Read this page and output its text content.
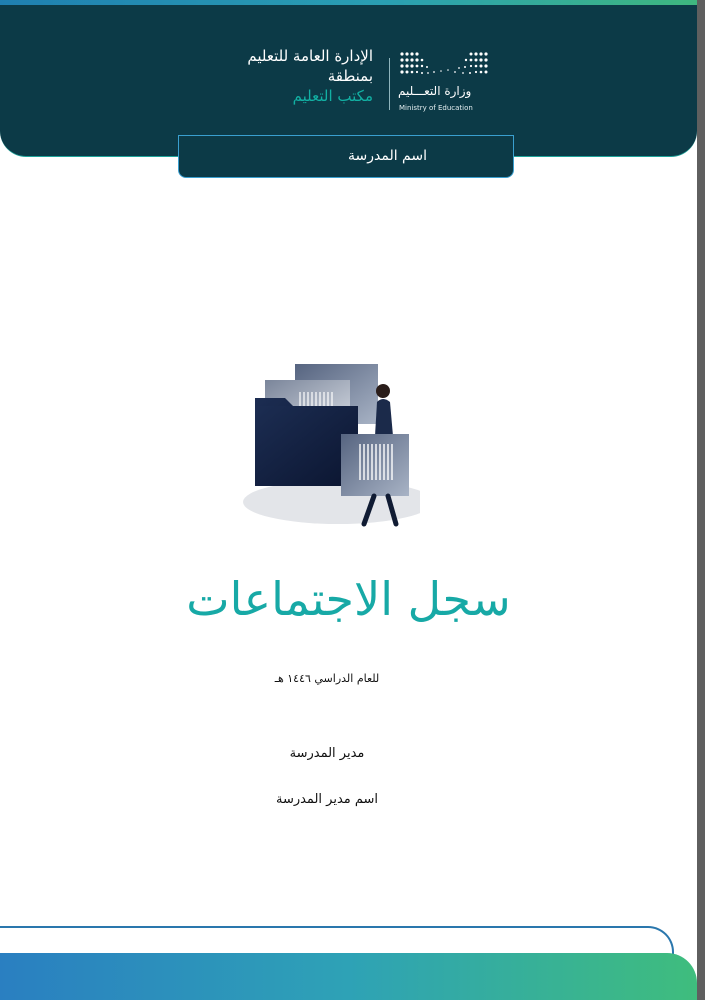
الإدارة العامة للتعليم
بمنطقة
مكتب التعليم وزارة التعـــليم
Ministry of Education
اسم المدرسة
سجل الاجتماعات
للعام الدراسي ١٤٤٦ هـ
مدير المدرسة
اسم مدير المدرسة
